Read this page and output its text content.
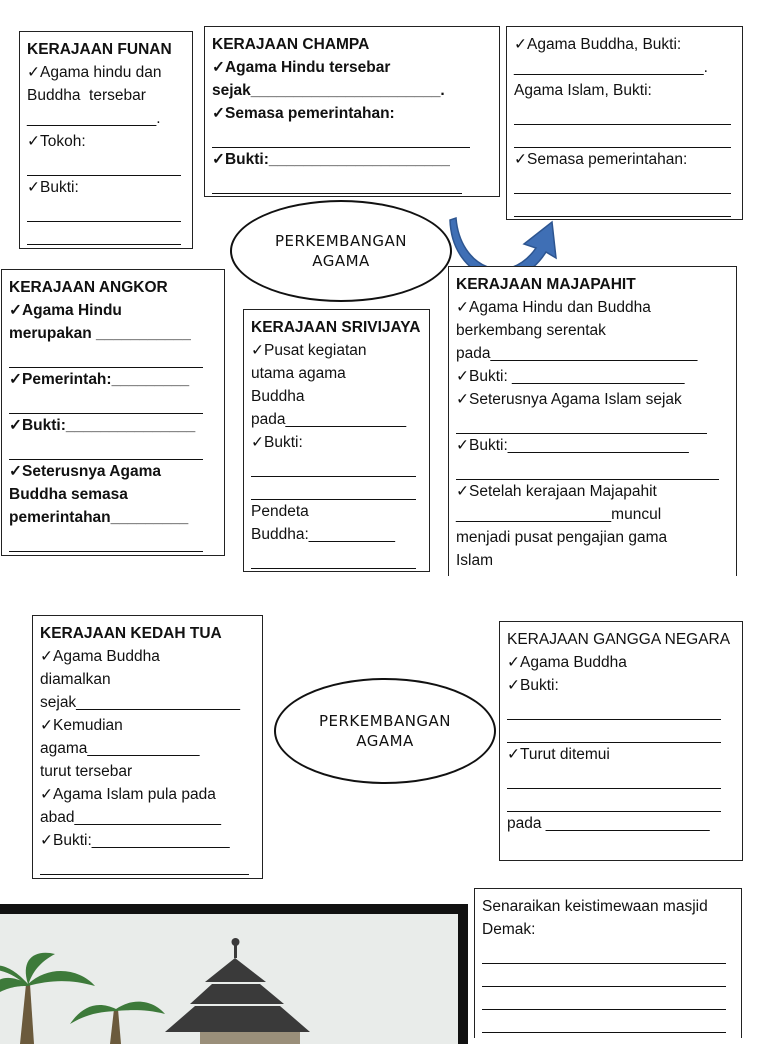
KERAJAAN FUNAN
✓Agama hindu dan
Buddha  tersebar
_______________.
✓Tokoh:
✓Bukti:
KERAJAAN CHAMPA
✓Agama Hindu tersebar
sejak______________________.
✓Semasa pemerintahan:
✓Bukti:_____________________
✓Agama Buddha, Bukti:
______________________.
Agama Islam, Bukti:
✓Semasa pemerintahan:
PERKEMBANGAN
AGAMA
KERAJAAN ANGKOR
✓Agama Hindu
merupakan ___________
✓Pemerintah:_________
✓Bukti:_______________
✓Seterusnya Agama
Buddha semasa
pemerintahan_________
KERAJAAN SRIVIJAYA
✓Pusat kegiatan
utama agama
Buddha
pada______________
✓Bukti:
Pendeta
Buddha:__________
KERAJAAN MAJAPAHIT
✓Agama Hindu dan Buddha
berkembang serentak
pada________________________
✓Bukti: ____________________
✓Seterusnya Agama Islam sejak
✓Bukti:_____________________
✓Setelah kerajaan Majapahit
__________________muncul
menjadi pusat pengajian gama
Islam
KERAJAAN KEDAH TUA
✓Agama Buddha
diamalkan
sejak___________________
✓Kemudian
agama_____________
turut tersebar
✓Agama Islam pula pada
abad_________________
✓Bukti:________________
PERKEMBANGAN
AGAMA
KERAJAAN GANGGA NEGARA
✓Agama Buddha
✓Bukti:
✓Turut ditemui
pada ___________________
Senaraikan keistimewaan masjid
Demak:
